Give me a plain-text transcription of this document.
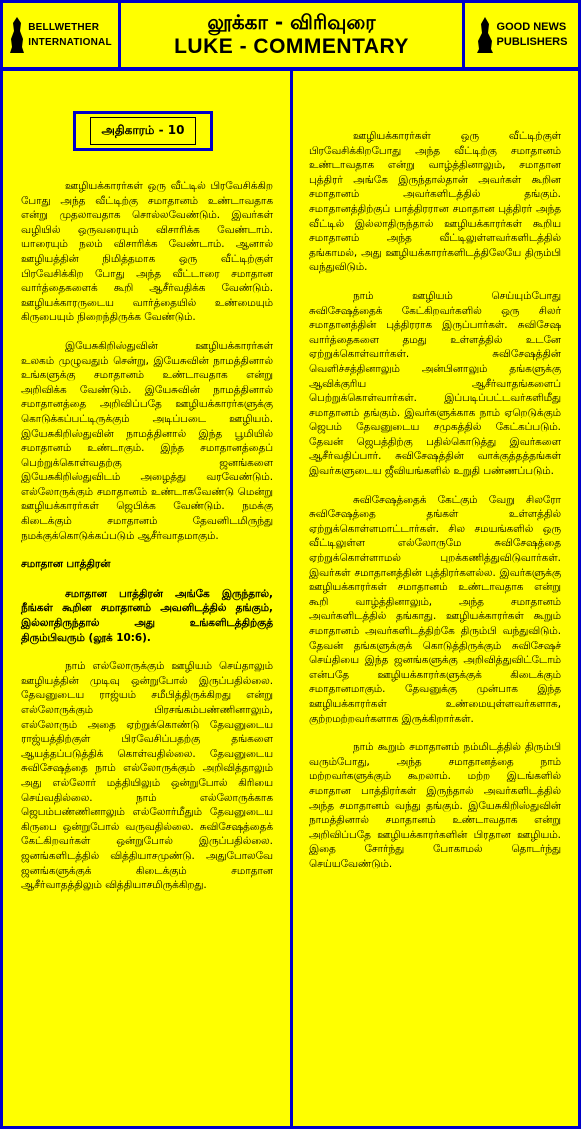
BELLWETHER
INTERNATIONAL
லூக்கா - விரிவுரை
LUKE - COMMENTARY
GOOD NEWS
PUBLISHERS
அதிகாரம் - 10

ஊழியக்காரர்கள் ஒரு வீட்டில் பிரவேசிக்கிற போது அந்த வீட்டிற்கு சமாதானம் உண்டாவதாக என்று முதலாவதாக சொல்லவேண்டும். இவர்கள் வழியில் ஒருவரையும் விசாரிக்க வேண்டாம். யாரையும் நலம் விசாரிக்க வேண்டாம். ஆனால் ஊழியத்தின் நிமித்தமாக ஒரு வீட்டிற்குள் பிரவேசிக்கிற போது அந்த வீட்டாரை சமாதான வார்த்தைகளைக் கூறி ஆசீர்வதிக்க வேண்டும். ஊழியக்காரருடைய வார்த்தையில் உண்மையும் கிருபையும் நிறைந்திருக்க வேண்டும்.

இயேசுகிறிஸ்துவின் ஊழியக்காரர்கள் உலகம் முழுவதும் சென்று, இயேசுவின் நாமத்தினால் உங்களுக்கு சமாதானம் உண்டாவதாக என்று அறிவிக்க வேண்டும். இயேசுவின் நாமத்தினால் சமாதானத்தை அறிவிப்பதே ஊழியக்காரர்களுக்கு கொடுக்கப்பட்டிருக்கும் அடிப்படை ஊழியம். இயேசுகிறிஸ்துவின் நாமத்தினால் இந்த பூமியில் சமாதானம் உண்டாகும். இந்த சமாதானத்தைப் பெற்றுக்கொள்வதற்கு ஜனங்களை இயேசுகிறிஸ்துவிடம் அழைத்து வரவேண்டும். எல்லோருக்கும் சமாதானம் உண்டாகவேண்டு மென்று ஊழியக்காரர்கள் ஜெபிக்க வேண்டும். நமக்கு கிடைக்கும் சமாதானம் தேவனிடமிருந்து நமக்குக்கொடுக்கப்படும் ஆசீர்வாதமாகும்.

சமாதான பாத்திரன்

சமாதான பாத்திரன் அங்கே இருந்தால், நீங்கள் கூறின சமாதானம் அவனிடத்தில் தங்கும், இல்லாதிருந்தால் அது உங்களிடத்திற்குத் திரும்பிவரும் (லூக் 10:6).

நாம் எல்லோருக்கும் ஊழியம் செய்தாலும் ஊழியத்தின் முடிவு ஒன்றுபோல் இருப்பதில்லை. தேவனுடைய ராஜ்யம் சமீபித்திருக்கிறது என்று எல்லோருக்கும் பிரசங்கம்பண்ணினாலும், எல்லோரும் அதை ஏற்றுக்கொண்டு தேவனுடைய ராஜ்யத்திற்குள் பிரவேசிப்பதற்கு தங்களை ஆயத்தப்படுத்திக் கொள்வதில்லை. தேவனுடைய சுவிசேஷத்தை நாம் எல்லோருக்கும் அறிவித்தாலும் அது எல்லோர் மத்தியிலும் ஒன்றுபோல் கிரியை செய்வதில்லை. நாம் எல்லோருக்காக ஜெபம்பண்ணினாலும் எல்லோர்மீதும் தேவனுடைய கிருபை ஒன்றுபோல் வருவதில்லை. சுவிசேஷத்தைக் கேட்கிறவர்கள் ஒன்றுபோல் இருப்பதில்லை. ஜனங்களிடத்தில் வித்தியாசமுண்டு. அதுபோலவே ஜனங்களுக்குக் கிடைக்கும் சமாதான ஆசீர்வாதத்திலும் வித்தியாசமிருக்கிறது.

ஊழியக்காரர்கள் ஒரு வீட்டிற்குள் பிரவேசிக்கிறபோது அந்த வீட்டிற்கு சமாதானம் உண்டாவதாக என்று வாழ்த்தினாலும், சமாதான புத்திரர் அங்கே இருந்தால்தான் அவர்கள் கூறின சமாதானம் அவர்களிடத்தில் தங்கும். சமாதானத்திற்குப் பாத்திரரான சமாதான புத்திரர் அந்த வீட்டில் இல்லாதிருந்தால் ஊழியக்காரர்கள் கூறிய சமாதானம் அந்த வீட்டிலுள்ளவர்களிடத்தில் தங்காமல், அது ஊழியக்காரர்களிடத்திலேயே திரும்பி வந்துவிடும்.

நாம் ஊழியம் செய்யும்போது சுவிசேஷத்தைக் கேட்கிறவர்களில் ஒரு சிலர் சமாதானத்தின் புத்திரராக இருப்பார்கள். சுவிசேஷ வார்த்தைகளை தமது உள்ளத்தில் உடனே ஏற்றுக்கொள்வார்கள். சுவிசேஷத்தின் வெளிச்சத்தினாலும் அன்பினாலும் தங்களுக்கு ஆவிக்குரிய ஆசீர்வாதங்களைப் பெற்றுக்கொள்வார்கள். இப்படிப்பட்டவர்களிமீது சமாதானம் தங்கும். இவர்களுக்காக நாம் ஏறெடுக்கும் ஜெபம் தேவனுடைய சமுகத்தில் கேட்கப்படும். தேவன் ஜெபத்திற்கு பதில்கொடுத்து இவர்களை ஆசீர்வதிப்பார். சுவிசேஷத்தின் வாக்குத்தத்தங்கள் இவர்களுடைய ஜீவியங்களில் உறுதி பண்ணப்படும்.

சுவிசேஷத்தைக் கேட்கும் வேறு சிலரோ சுவிசேஷத்தை தங்கள் உள்ளத்தில் ஏற்றுக்கொள்ளமாட்டார்கள். சில சமயங்களில் ஒரு வீட்டிலுள்ள எல்லோருமே சுவிசேஷத்தை ஏற்றுக்கொள்ளாமல் புறக்கணித்துவிடுவார்கள். இவர்கள் சமாதானத்தின் புத்திரர்களல்ல. இவர்களுக்கு ஊழியக்காரர்கள் சமாதானம் உண்டாவதாக என்று கூறி வாழ்த்தினாலும், அந்த சமாதானம் அவர்களிடத்தில் தங்காது. ஊழியக்காரர்கள் கூறும் சமாதானம் அவர்களிடத்திற்கே திரும்பி வந்துவிடும். தேவன் தங்களுக்குக் கொடுத்திருக்கும் சுவிசேஷச் செய்தியை இந்த ஜனங்களுக்கு அறிவித்துவிட்டோம் என்பதே ஊழியக்காரர்களுக்குக் கிடைக்கும் சமாதானமாகும். தேவனுக்கு முன்பாக இந்த ஊழியக்காரர்கள் உண்மையுள்ளவர்களாக, குற்றமற்றவர்களாக இருக்கிறார்கள்.

நாம் கூறும் சமாதானம் நம்மிடத்தில் திரும்பி வரும்போது, அந்த சமாதானத்தை நாம் மற்றவர்களுக்கும் கூறலாம். மற்ற இடங்களில் சமாதான பாத்திரர்கள் இருந்தால் அவர்களிடத்தில் அந்த சமாதானம் வந்து தங்கும். இயேசுகிறிஸ்துவின் நாமத்தினால் சமாதானம் உண்டாவதாக என்று அறிவிப்பதே ஊழியக்காரர்களின் பிரதான ஊழியம். இதை சோர்ந்து போகாமல் தொடர்ந்து செய்யவேண்டும்.
